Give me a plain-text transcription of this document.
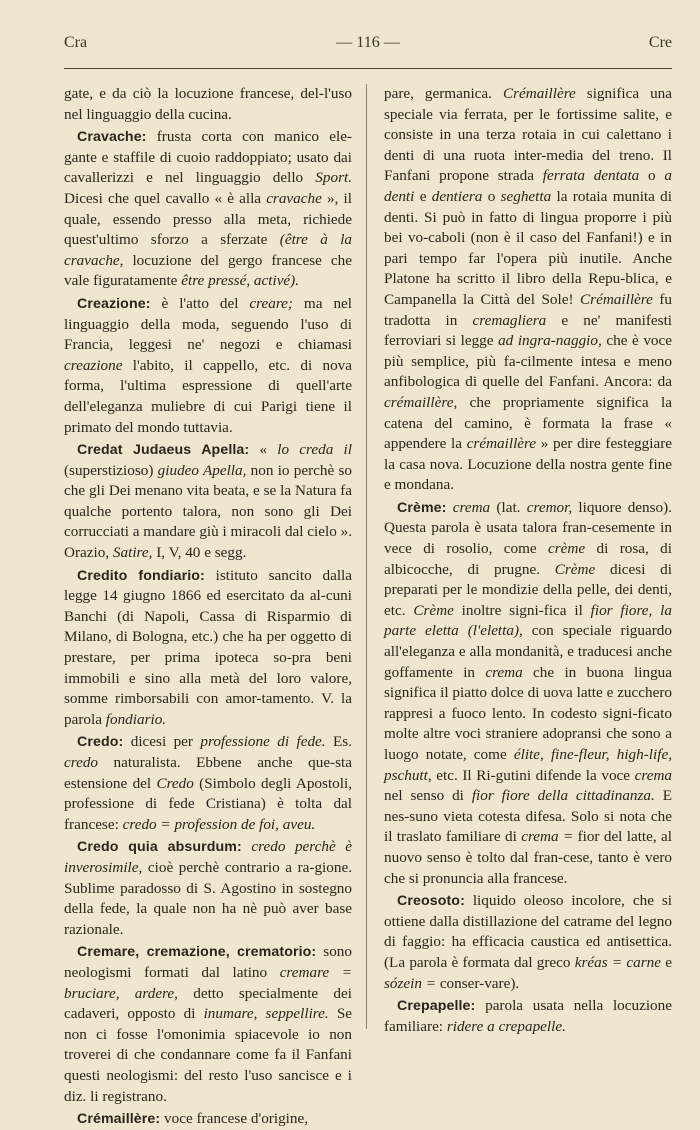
Cra	— 116 —	Cre

gate, e da ciò la locuzione francese, del-l'uso nel linguaggio della cucina.

Cravache: frusta corta con manico ele-gante e staffile di cuoio raddoppiato; usato dai cavallerizzi e nel linguaggio dello Sport. Dicesi che quel cavallo « è alla cravache », il quale, essendo presso alla meta, richiede quest'ultimo sforzo a sferzate (être à la cravache, locuzione del gergo francese che vale figuratamente être pressé, activé).

Creazione: è l'atto del creare; ma nel linguaggio della moda, seguendo l'uso di Francia, leggesi ne' negozi e chiamasi creazione l'abito, il cappello, etc. di nova forma, l'ultima espressione di quell'arte dell'eleganza muliebre di cui Parigi tiene il primato del mondo tuttavia.

Credat Judaeus Apella: « lo creda il (superstizioso) giudeo Apella, non io perchè so che gli Dei menano vita beata, e se la Natura fa qualche portento talora, non sono gli Dei corrucciati a mandare giù i miracoli dal cielo ». Orazio, Satire, I, V, 40 e segg.

Credito fondiario: istituto sancito dalla legge 14 giugno 1866 ed esercitato da al-cuni Banchi (di Napoli, Cassa di Risparmio di Milano, di Bologna, etc.) che ha per oggetto di prestare, per prima ipoteca so-pra beni immobili e sino alla metà del loro valore, somme rimborsabili con amor-tamento. V. la parola fondiario.

Credo: dicesi per professione di fede. Es. credo naturalista. Ebbene anche que-sta estensione del Credo (Simbolo degli Apostoli, professione di fede Cristiana) è tolta dal francese: credo = profession de foi, aveu.

Credo quia absurdum: credo perchè è inverosimile, cioè perchè contrario a ra-gione. Sublime paradosso di S. Agostino in sostegno della fede, la quale non ha nè può aver base razionale.

Cremare, cremazione, crematorio: sono neologismi formati dal latino cremare = bruciare, ardere, detto specialmente dei cadaveri, opposto di inumare, seppellire. Se non ci fosse l'omonimia spiacevole io non troverei di che condannare come fa il Fanfani questi neologismi: del resto l'uso sancisce e i diz. li registrano.

Crémaillère: voce francese d'origine,

pare, germanica. Crémaillère significa una speciale via ferrata, per le fortissime salite, e consiste in una terza rotaia in cui calettano i denti di una ruota inter-media del treno. Il Fanfani propone strada ferrata dentata o a denti e dentiera o seghetta la rotaia munita di denti. Si può in fatto di lingua proporre i più bei vo-caboli (non è il caso del Fanfani!) e in pari tempo far l'opera più inutile. Anche Platone ha scritto il libro della Repu-blica, e Campanella la Città del Sole! Crémaillère fu tradotta in cremagliera e ne' manifesti ferroviari si legge ad ingra-naggio, che è voce più semplice, più fa-cilmente intesa e meno anfibologica di quelle del Fanfani. Ancora: da crémaillère, che propriamente significa la catena del camino, è formata la frase « appendere la crémaillère » per dire festeggiare la casa nova. Locuzione della nostra gente fine e mondana.

Crème: crema (lat. cremor, liquore denso). Questa parola è usata talora fran-cesemente in vece di rosolio, come crème di rosa, di albicocche, di prugne. Crème dicesi di preparati per le mondizie della pelle, dei denti, etc. Crème inoltre signi-fica il fior fiore, la parte eletta (l'eletta), con speciale riguardo all'eleganza e alla mondanità, e traducesi anche goffamente in crema che in buona lingua significa il piatto dolce di uova latte e zucchero rappresi a fuoco lento. In codesto signi-ficato molte altre voci straniere adopransi che sono a luogo notate, come élite, fine-fleur, high-life, pschutt, etc. Il Ri-gutini difende la voce crema nel senso di fior fiore della cittadinanza. E nes-suno vieta cotesta difesa. Solo si nota che il traslato familiare di crema = fior del latte, al nuovo senso è tolto dal fran-cese, tanto è vero che si pronuncia alla francese.

Creosoto: liquido oleoso incolore, che si ottiene dalla distillazione del catrame del legno di faggio: ha efficacia caustica ed antisettica. (La parola è formata dal greco kréas = carne e sózein = conser-vare).

Crepapelle: parola usata nella locuzione familiare: ridere a crepapelle.
